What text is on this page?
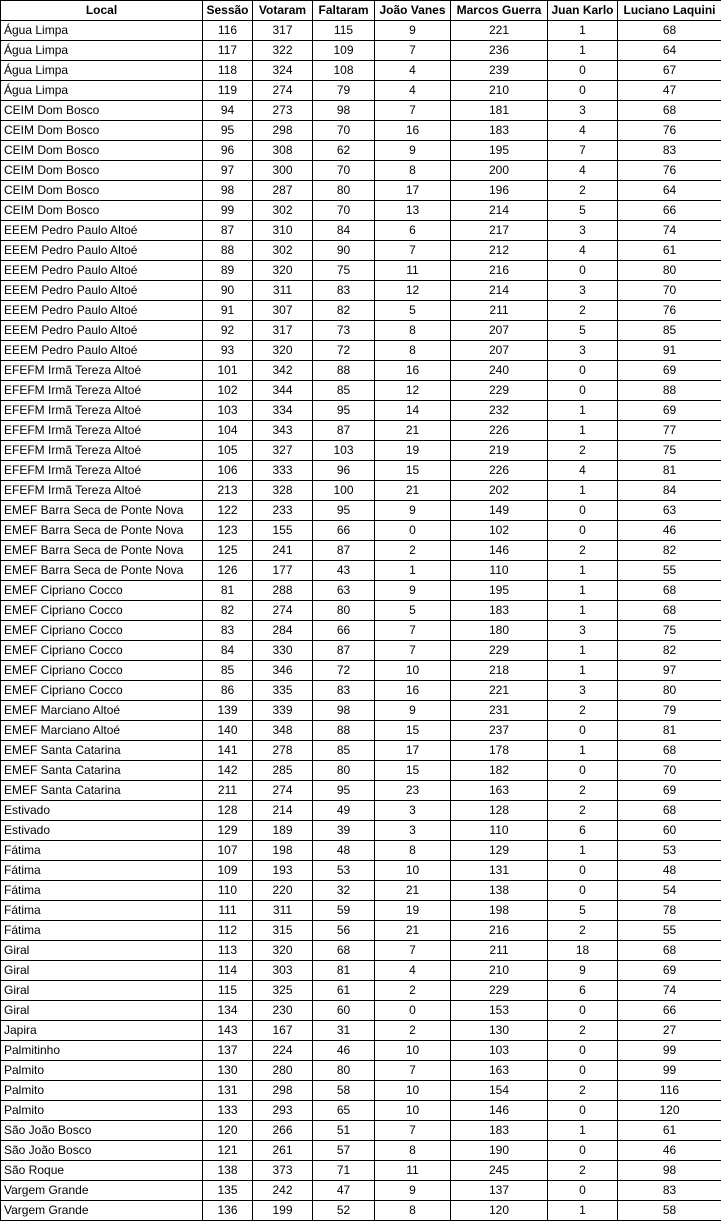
Local	Sessão	Votaram	Faltaram	João Vanes	Marcos Guerra	Juan Karlo	Luciano Laquini
Água Limpa	116	317	115	9	221	1	68
Água Limpa	117	322	109	7	236	1	64
Água Limpa	118	324	108	4	239	0	67
Água Limpa	119	274	79	4	210	0	47
CEIM Dom Bosco	94	273	98	7	181	3	68
CEIM Dom Bosco	95	298	70	16	183	4	76
CEIM Dom Bosco	96	308	62	9	195	7	83
CEIM Dom Bosco	97	300	70	8	200	4	76
CEIM Dom Bosco	98	287	80	17	196	2	64
CEIM Dom Bosco	99	302	70	13	214	5	66
EEEM Pedro Paulo Altoé	87	310	84	6	217	3	74
EEEM Pedro Paulo Altoé	88	302	90	7	212	4	61
EEEM Pedro Paulo Altoé	89	320	75	11	216	0	80
EEEM Pedro Paulo Altoé	90	311	83	12	214	3	70
EEEM Pedro Paulo Altoé	91	307	82	5	211	2	76
EEEM Pedro Paulo Altoé	92	317	73	8	207	5	85
EEEM Pedro Paulo Altoé	93	320	72	8	207	3	91
EFEFM Irmã Tereza Altoé	101	342	88	16	240	0	69
EFEFM Irmã Tereza Altoé	102	344	85	12	229	0	88
EFEFM Irmã Tereza Altoé	103	334	95	14	232	1	69
EFEFM Irmã Tereza Altoé	104	343	87	21	226	1	77
EFEFM Irmã Tereza Altoé	105	327	103	19	219	2	75
EFEFM Irmã Tereza Altoé	106	333	96	15	226	4	81
EFEFM Irmã Tereza Altoé	213	328	100	21	202	1	84
EMEF Barra Seca de Ponte Nova	122	233	95	9	149	0	63
EMEF Barra Seca de Ponte Nova	123	155	66	0	102	0	46
EMEF Barra Seca de Ponte Nova	125	241	87	2	146	2	82
EMEF Barra Seca de Ponte Nova	126	177	43	1	110	1	55
EMEF Cipriano Cocco	81	288	63	9	195	1	68
EMEF Cipriano Cocco	82	274	80	5	183	1	68
EMEF Cipriano Cocco	83	284	66	7	180	3	75
EMEF Cipriano Cocco	84	330	87	7	229	1	82
EMEF Cipriano Cocco	85	346	72	10	218	1	97
EMEF Cipriano Cocco	86	335	83	16	221	3	80
EMEF Marciano Altoé	139	339	98	9	231	2	79
EMEF Marciano Altoé	140	348	88	15	237	0	81
EMEF Santa Catarina	141	278	85	17	178	1	68
EMEF Santa Catarina	142	285	80	15	182	0	70
EMEF Santa Catarina	211	274	95	23	163	2	69
Estivado	128	214	49	3	128	2	68
Estivado	129	189	39	3	110	6	60
Fátima	107	198	48	8	129	1	53
Fátima	109	193	53	10	131	0	48
Fátima	110	220	32	21	138	0	54
Fátima	111	311	59	19	198	5	78
Fátima	112	315	56	21	216	2	55
Giral	113	320	68	7	211	18	68
Giral	114	303	81	4	210	9	69
Giral	115	325	61	2	229	6	74
Giral	134	230	60	0	153	0	66
Japira	143	167	31	2	130	2	27
Palmitinho	137	224	46	10	103	0	99
Palmito	130	280	80	7	163	0	99
Palmito	131	298	58	10	154	2	116
Palmito	133	293	65	10	146	0	120
São João Bosco	120	266	51	7	183	1	61
São João Bosco	121	261	57	8	190	0	46
São Roque	138	373	71	11	245	2	98
Vargem Grande	135	242	47	9	137	0	83
Vargem Grande	136	199	52	8	120	1	58
